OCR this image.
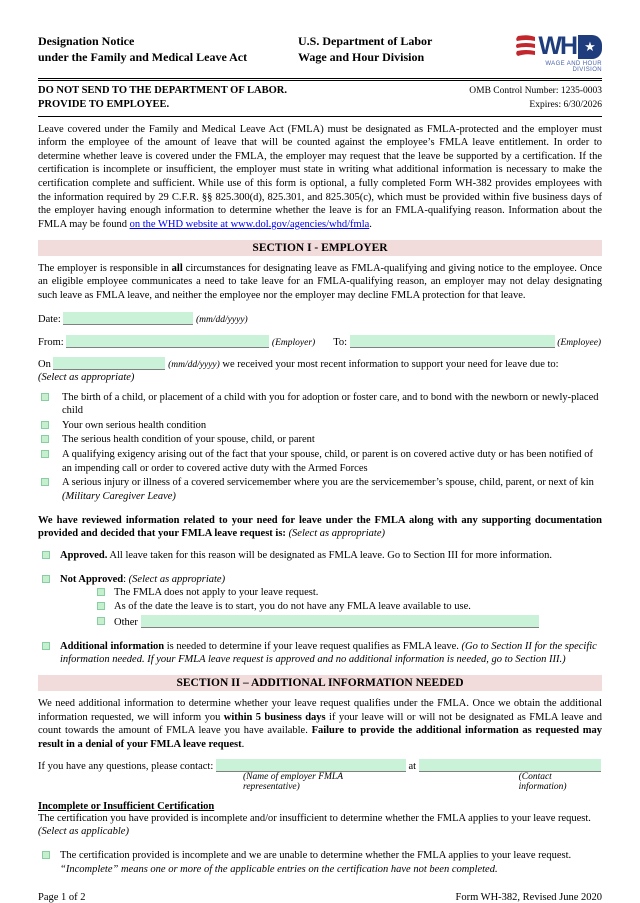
Designation Notice
under the Family and Medical Leave Act
U.S. Department of Labor
Wage and Hour Division	WH ★
WAGE AND HOUR DIVISION
DO NOT SEND TO THE DEPARTMENT OF LABOR.
PROVIDE TO EMPLOYEE.
OMB Control Number: 1235-0003
Expires: 6/30/2026

Leave covered under the Family and Medical Leave Act (FMLA) must be designated as FMLA-protected and the employer must inform the employee of the amount of leave that will be counted against the employee’s FMLA leave entitlement. In order to determine whether leave is covered under the FMLA, the employer may request that the leave be supported by a certification. If the certification is incomplete or insufficient, the employer must state in writing what additional information is necessary to make the certification complete and sufficient. While use of this form is optional, a fully completed Form WH-382 provides employees with the information required by 29 C.F.R. §§ 825.300(d), 825.301, and 825.305(c), which must be provided within five business days of the employer having enough information to determine whether the leave is for an FMLA-qualifying reason. Information about the FMLA may be found on the WHD website at www.dol.gov/agencies/whd/fmla.

SECTION I - EMPLOYER

The employer is responsible in all circumstances for designating leave as FMLA-qualifying and giving notice to the employee. Once an eligible employee communicates a need to take leave for an FMLA-qualifying reason, an employer may not delay designating such leave as FMLA leave, and neither the employee nor the employer may decline FMLA protection for that leave.

Date:	(mm/dd/yyyy)
From:	(Employer) To:	(Employee)
On	(mm/dd/yyyy) we received your most recent information to support your need for leave due to:
(Select as appropriate)
The birth of a child, or placement of a child with you for adoption or foster care, and to bond with the newborn or newly-placed child
Your own serious health condition
The serious health condition of your spouse, child, or parent
A qualifying exigency arising out of the fact that your spouse, child, or parent is on covered active duty or has been notified of an impending call or order to covered active duty with the Armed Forces
A serious injury or illness of a covered servicemember where you are the servicemember’s spouse, child, parent, or next of kin (Military Caregiver Leave)

We have reviewed information related to your need for leave under the FMLA along with any supporting documentation provided and decided that your FMLA leave request is: (Select as appropriate)

Approved. All leave taken for this reason will be designated as FMLA leave. Go to Section III for more information.
Not Approved: (Select as appropriate)
The FMLA does not apply to your leave request.
As of the date the leave is to start, you do not have any FMLA leave available to use.
Other
Additional information is needed to determine if your leave request qualifies as FMLA leave. (Go to Section II for the specific information needed. If your FMLA leave request is approved and no additional information is needed, go to Section III.)
SECTION II – ADDITIONAL INFORMATION NEEDED

We need additional information to determine whether your leave request qualifies under the FMLA. Once we obtain the additional information requested, we will inform you within 5 business days if your leave will or will not be designated as FMLA leave and count towards the amount of FMLA leave you have available. Failure to provide the additional information as requested may result in a denial of your FMLA leave request.

If you have any questions, please contact:	at
(Name of employer FMLA representative)
(Contact information)
Incomplete or Insufficient Certification

The certification you have provided is incomplete and/or insufficient to determine whether the FMLA applies to your leave request.
(Select as applicable)

The certification provided is incomplete and we are unable to determine whether the FMLA applies to your leave request. “Incomplete” means one or more of the applicable entries on the certification have not been completed.
Page 1 of 2	Form WH-382, Revised June 2020
